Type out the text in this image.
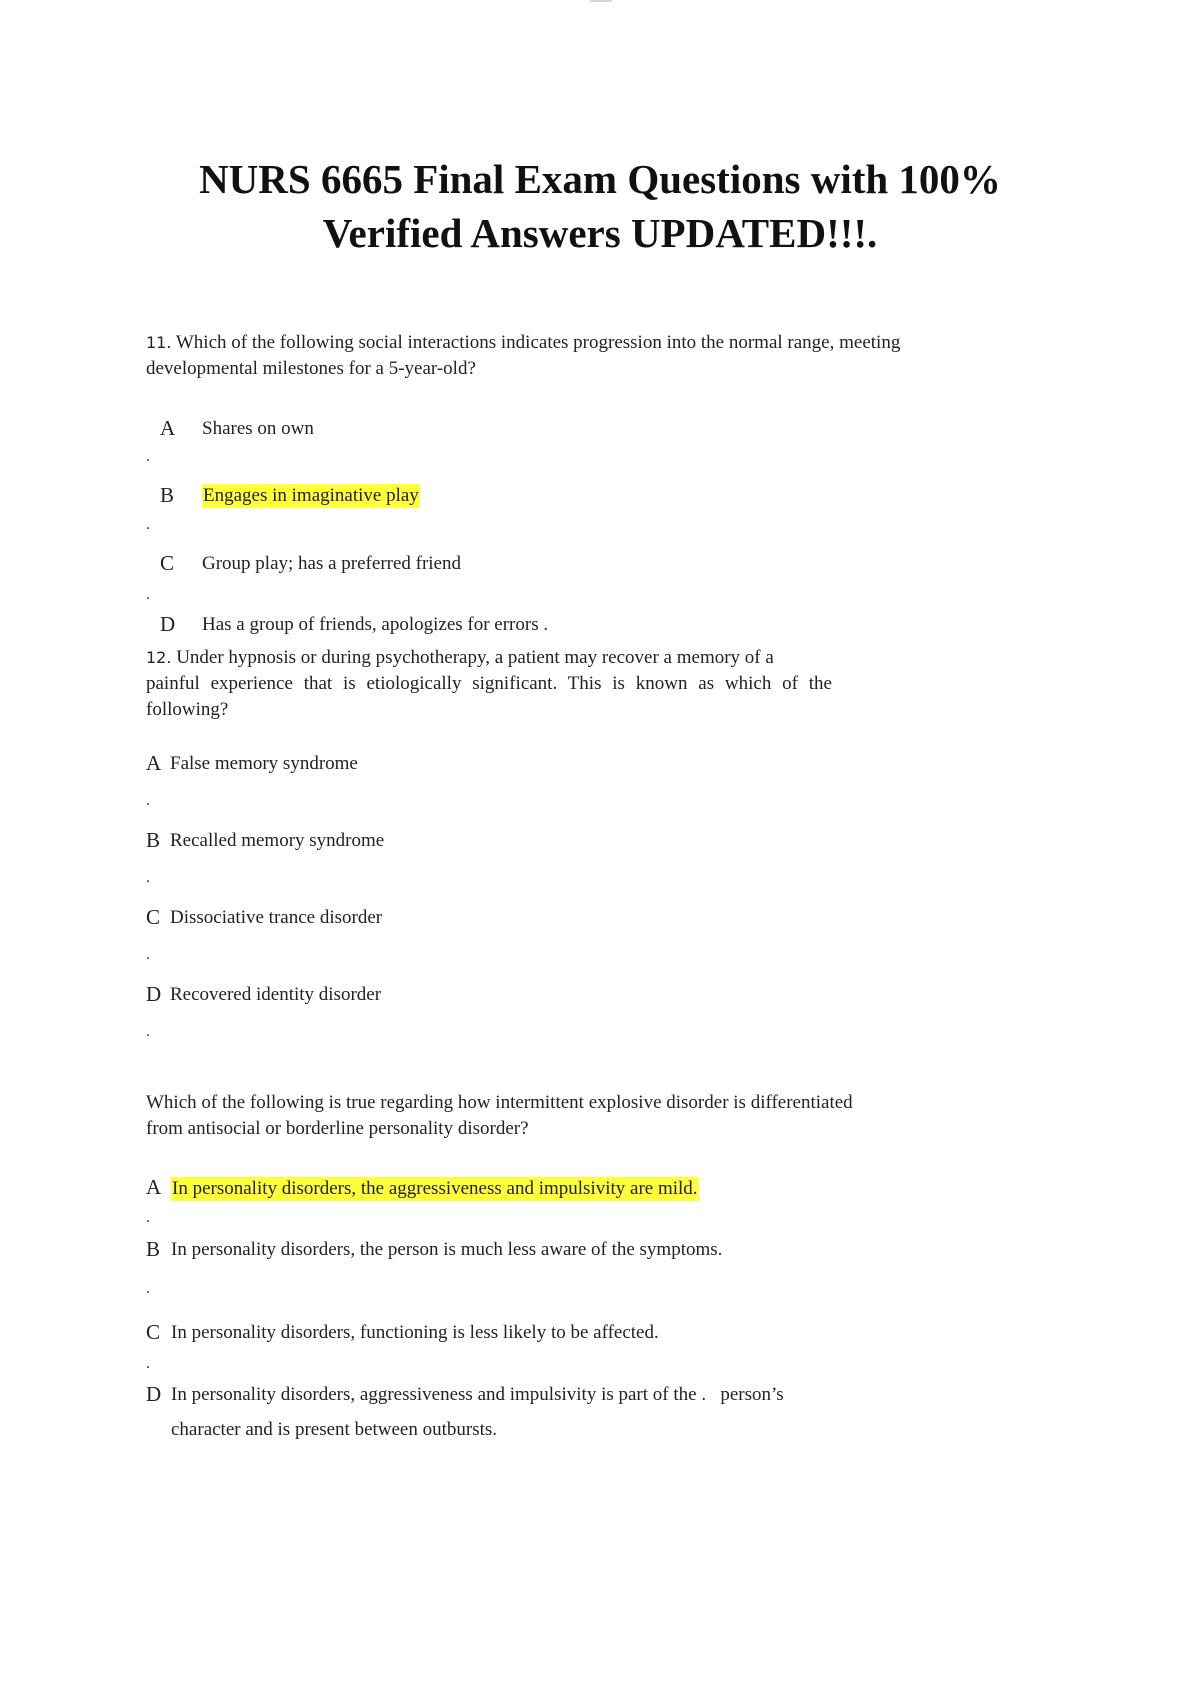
NURS 6665 Final Exam Questions with 100%
Verified Answers UPDATED!!!.
11. Which of the following social interactions indicates progression into the normal range, meeting
developmental milestones for a 5-year-old?
A Shares on own
.
B Engages in imaginative play
.
C Group play; has a preferred friend
.
D Has a group of friends, apologizes for errors .
12. Under hypnosis or during psychotherapy, a patient may recover a memory of a
painful experience that is etiologically significant. This is known as which of the
following?
A False memory syndrome
.
B Recalled memory syndrome
.
C Dissociative trance disorder
.
D Recovered identity disorder
.
Which of the following is true regarding how intermittent explosive disorder is differentiated
from antisocial or borderline personality disorder?
A In personality disorders, the aggressiveness and impulsivity are mild.
.
B In personality disorders, the person is much less aware of the symptoms.
.
C In personality disorders, functioning is less likely to be affected.
.
D In personality disorders, aggressiveness and impulsivity is part of the .   person’s
character and is present between outbursts.
